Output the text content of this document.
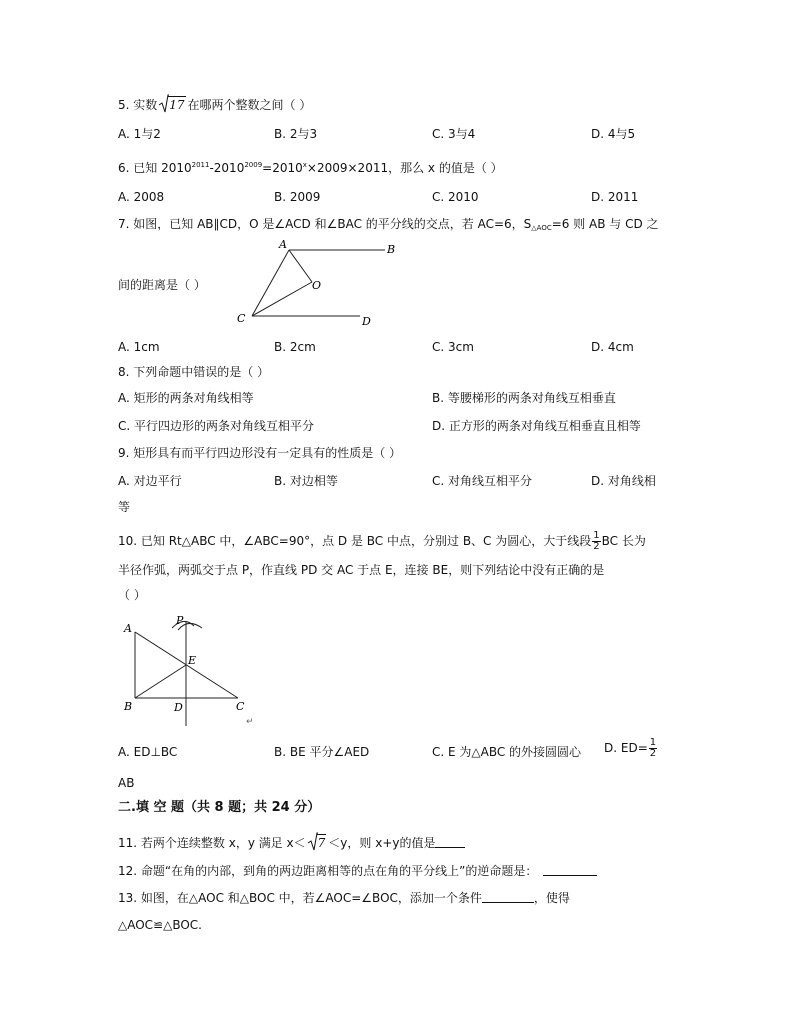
5. 实数 17 在哪两个整数之间（ ）
A. 1与2	B. 2与3	C. 3与4	D. 4与5
6. 已知 $2010^{2011}-2010^{2009}=2010^x\times 2009\times 2011$，那么 x 的值是（ ）
A. 2008	B. 2009	C. 2010	D. 2011
7. 如图，已知 AB∥CD，O 是∠ACD 和∠BAC 的平分线的交点，若 AC=6，$S_{\triangle AOC}=6$ 则 AB 与 CD 之
间的距离是（ ）
A	B
C	D
O
A. 1cm	B. 2cm	C. 3cm	D. 4cm
8. 下列命题中错误的是（ ）
A. 矩形的两条对角线相等	B. 等腰梯形的两条对角线互相垂直
C. 平行四边形的两条对角线互相平分	D. 正方形的两条对角线互相垂直且相等
9. 矩形具有而平行四边形没有一定具有的性质是（ ）
A. 对边平行	B. 对边相等	C. 对角线互相平分	D. 对角线相
等
10. 已知 Rt△ABC 中，∠ABC=90°，点 D 是 BC 中点，分别过 B、C 为圆心，大于线段 $\frac{1}{2}$ BC 长为
半径作弧，两弧交于点 P，作直线 PD 交 AC 于点 E，连接 BE，则下列结论中没有正确的是
（ ）
A
P
E
B	D	C
↵
A. ED⊥BC	B. BE 平分∠AED	C. E 为△ABC 的外接圆圆心 D. $ED= \frac{1}{2}$
AB
二.填 空 题（共 8 题；共 24 分）
11. 若两个连续整数 x，y 满足 x＜ 7 ＜y，则 x+y的值是
12. 命题“在角的内部，到角的两边距离相等的点在角的平分线上”的逆命题是：
13. 如图，在△AOC 和△BOC 中，若∠AOC=∠BOC，添加一个条件	，使得
△AOC≌△BOC.
